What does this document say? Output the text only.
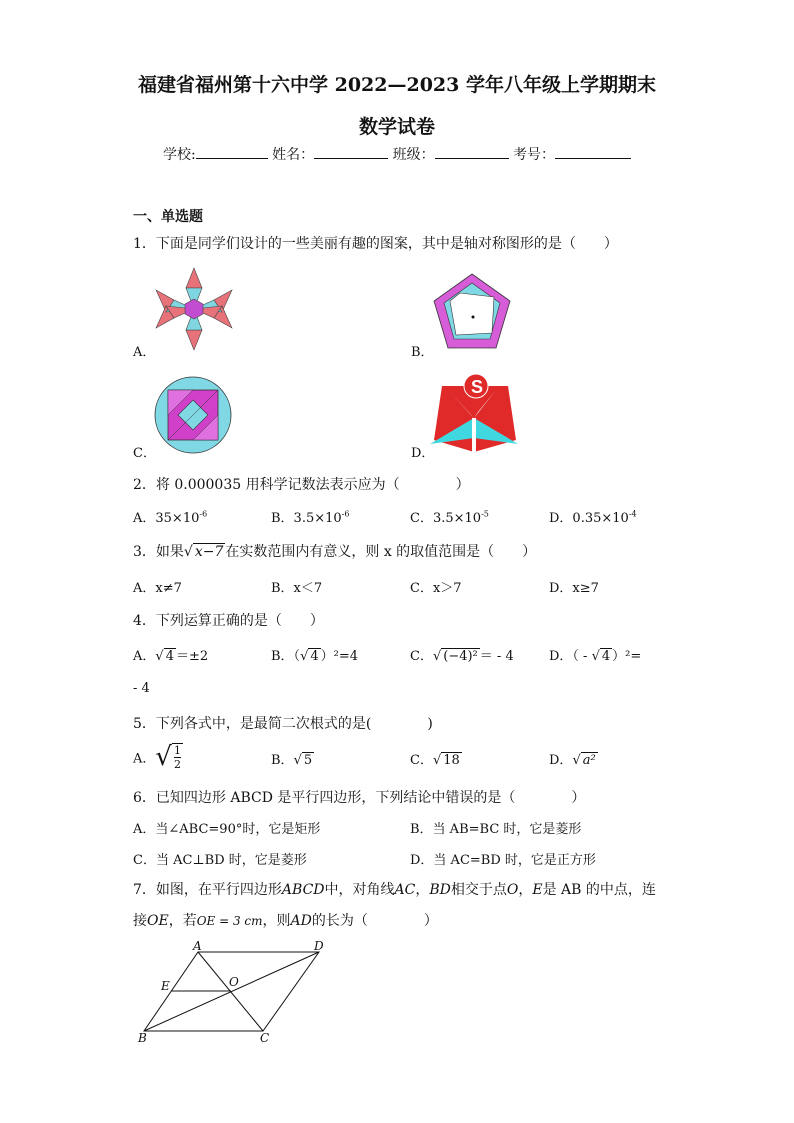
福建省福州第十六中学 2022—2023 学年八年级上学期期末
数学试卷
学校:	姓名：	班级：	考号：
一、单选题
1．下面是同学们设计的一些美丽有趣的图案，其中是轴对称图形的是（　　）
A．	B．
C．	D．
S
2．将 0.000035 用科学记数法表示应为（　　　　）
A．$35\times 10^{-6}$	B．$3.5\times 10^{-6}$	C．$3.5\times 10^{-5}$	D．$0.35\times 10^{-4}$
3．如果√ x−7 在实数范围内有意义，则 x 的取值范围是（　　）
A．x≠7	B．x＜7	C．x＞7	D．x≥7
4．下列运算正确的是（　　）
A．√ 4 ＝±2	B．（√ 4 ）²=4	C．√ (−4)² ＝ - 4	D．（ - √ 4 ）²=
- 4
5．下列各式中，是最简二次根式的是(　　　　)
A．√ $\frac{1}{2}$	B．√ 5	C．√ 18	D．√ a²
6．已知四边形 ABCD 是平行四边形，下列结论中错误的是（　　　　）
A．当∠ABC=90°时，它是矩形	B．当 AB=BC 时，它是菱形
C．当 AC⊥BD 时，它是菱形	D．当 AC=BD 时，它是正方形
7．如图，在平行四边形ABCD中，对角线AC，BD相交于点O，E是 AB 的中点，连
接OE，若OE = 3 cm，则AD的长为（　　　　）
A	D
E	O
B	C
